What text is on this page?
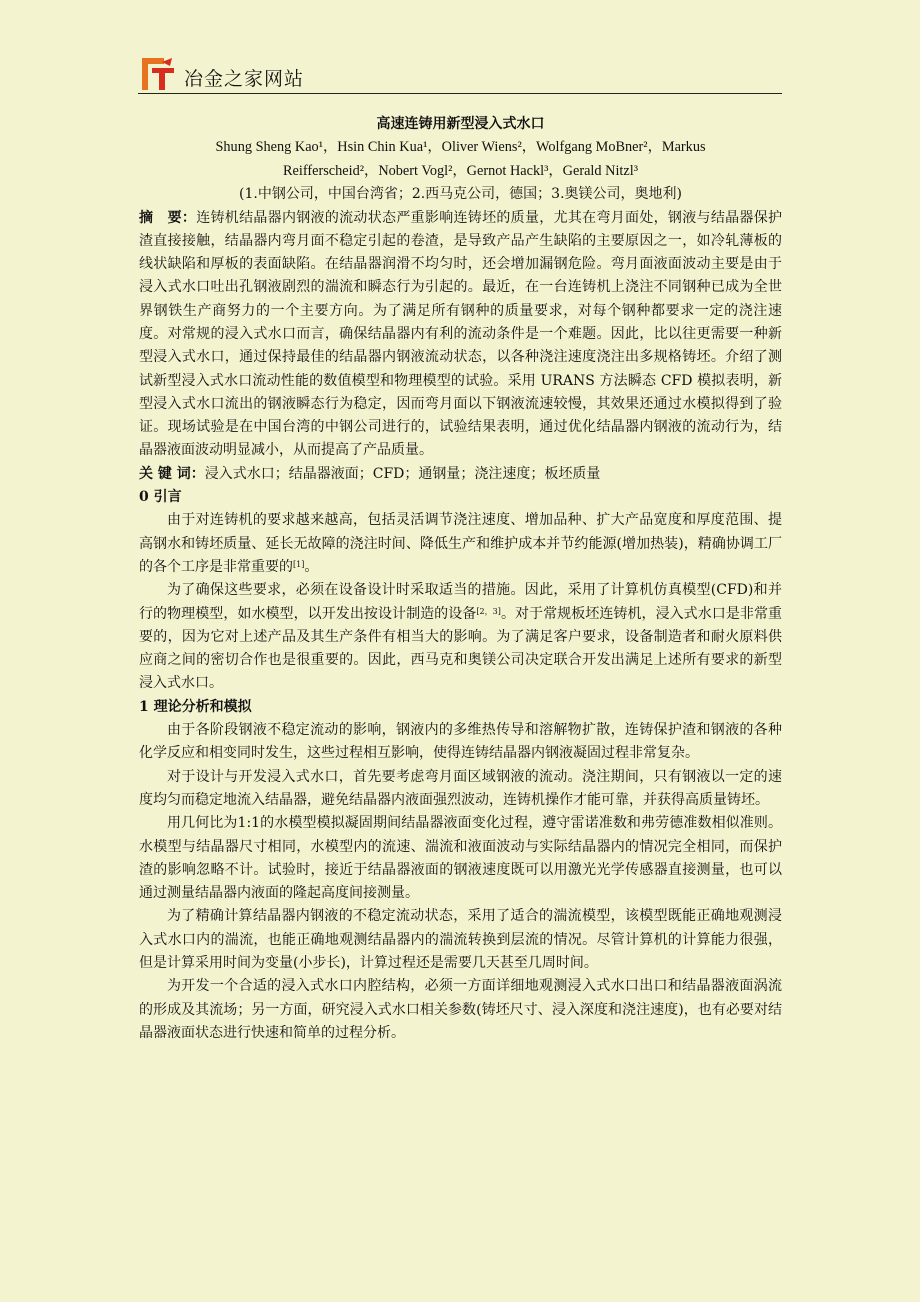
冶金之家网站

高速连铸用新型浸入式水口

Shung Sheng Kao¹，Hsin Chin Kua¹，Oliver Wiens²，Wolfgang MoBner²，Markus

Reifferscheid²，Nobert Vogl²，Gernot Hackl³，Gerald Nitzl³

(1.中钢公司，中国台湾省；2.西马克公司，德国；3.奥镁公司，奥地利)

摘　要：连铸机结晶器内钢液的流动状态严重影响连铸坯的质量，尤其在弯月面处，钢液与结晶器保护渣直接接触，结晶器内弯月面不稳定引起的卷渣，是导致产品产生缺陷的主要原因之一，如冷轧薄板的线状缺陷和厚板的表面缺陷。在结晶器润滑不均匀时，还会增加漏钢危险。弯月面液面波动主要是由于浸入式水口吐出孔钢液剧烈的湍流和瞬态行为引起的。最近，在一台连铸机上浇注不同钢种已成为全世界钢铁生产商努力的一个主要方向。为了满足所有钢种的质量要求，对每个钢种都要求一定的浇注速度。对常规的浸入式水口而言，确保结晶器内有利的流动条件是一个难题。因此，比以往更需要一种新型浸入式水口，通过保持最佳的结晶器内钢液流动状态，以各种浇注速度浇注出多规格铸坯。介绍了测试新型浸入式水口流动性能的数值模型和物理模型的试验。采用 URANS 方法瞬态 CFD 模拟表明，新型浸入式水口流出的钢液瞬态行为稳定，因而弯月面以下钢液流速较慢，其效果还通过水模拟得到了验证。现场试验是在中国台湾的中钢公司进行的，试验结果表明，通过优化结晶器内钢液的流动行为，结晶器液面波动明显减小，从而提高了产品质量。

关 键 词：浸入式水口；结晶器液面；CFD；通钢量；浇注速度；板坯质量

0 引言

由于对连铸机的要求越来越高，包括灵活调节浇注速度、增加品种、扩大产品宽度和厚度范围、提高钢水和铸坯质量、延长无故障的浇注时间、降低生产和维护成本并节约能源(增加热装)，精确协调工厂的各个工序是非常重要的[1]。

为了确保这些要求，必须在设备设计时采取适当的措施。因此，采用了计算机仿真模型(CFD)和并行的物理模型，如水模型，以开发出按设计制造的设备[2，3]。对于常规板坯连铸机，浸入式水口是非常重要的，因为它对上述产品及其生产条件有相当大的影响。为了满足客户要求，设备制造者和耐火原料供应商之间的密切合作也是很重要的。因此，西马克和奥镁公司决定联合开发出满足上述所有要求的新型浸入式水口。

1 理论分析和模拟

由于各阶段钢液不稳定流动的影响，钢液内的多维热传导和溶解物扩散，连铸保护渣和钢液的各种化学反应和相变同时发生，这些过程相互影响，使得连铸结晶器内钢液凝固过程非常复杂。

对于设计与开发浸入式水口，首先要考虑弯月面区域钢液的流动。浇注期间，只有钢液以一定的速度均匀而稳定地流入结晶器，避免结晶器内液面强烈波动，连铸机操作才能可靠，并获得高质量铸坯。

用几何比为1:1的水模型模拟凝固期间结晶器液面变化过程，遵守雷诺准数和弗劳德准数相似准则。水模型与结晶器尺寸相同，水模型内的流速、湍流和液面波动与实际结晶器内的情况完全相同，而保护渣的影响忽略不计。试验时，接近于结晶器液面的钢液速度既可以用激光光学传感器直接测量，也可以通过测量结晶器内液面的隆起高度间接测量。

为了精确计算结晶器内钢液的不稳定流动状态，采用了适合的湍流模型，该模型既能正确地观测浸入式水口内的湍流，也能正确地观测结晶器内的湍流转换到层流的情况。尽管计算机的计算能力很强，但是计算采用时间为变量(小步长)，计算过程还是需要几天甚至几周时间。

为开发一个合适的浸入式水口内腔结构，必须一方面详细地观测浸入式水口出口和结晶器液面涡流的形成及其流场；另一方面，研究浸入式水口相关参数(铸坯尺寸、浸入深度和浇注速度)，也有必要对结晶器液面状态进行快速和简单的过程分析。
